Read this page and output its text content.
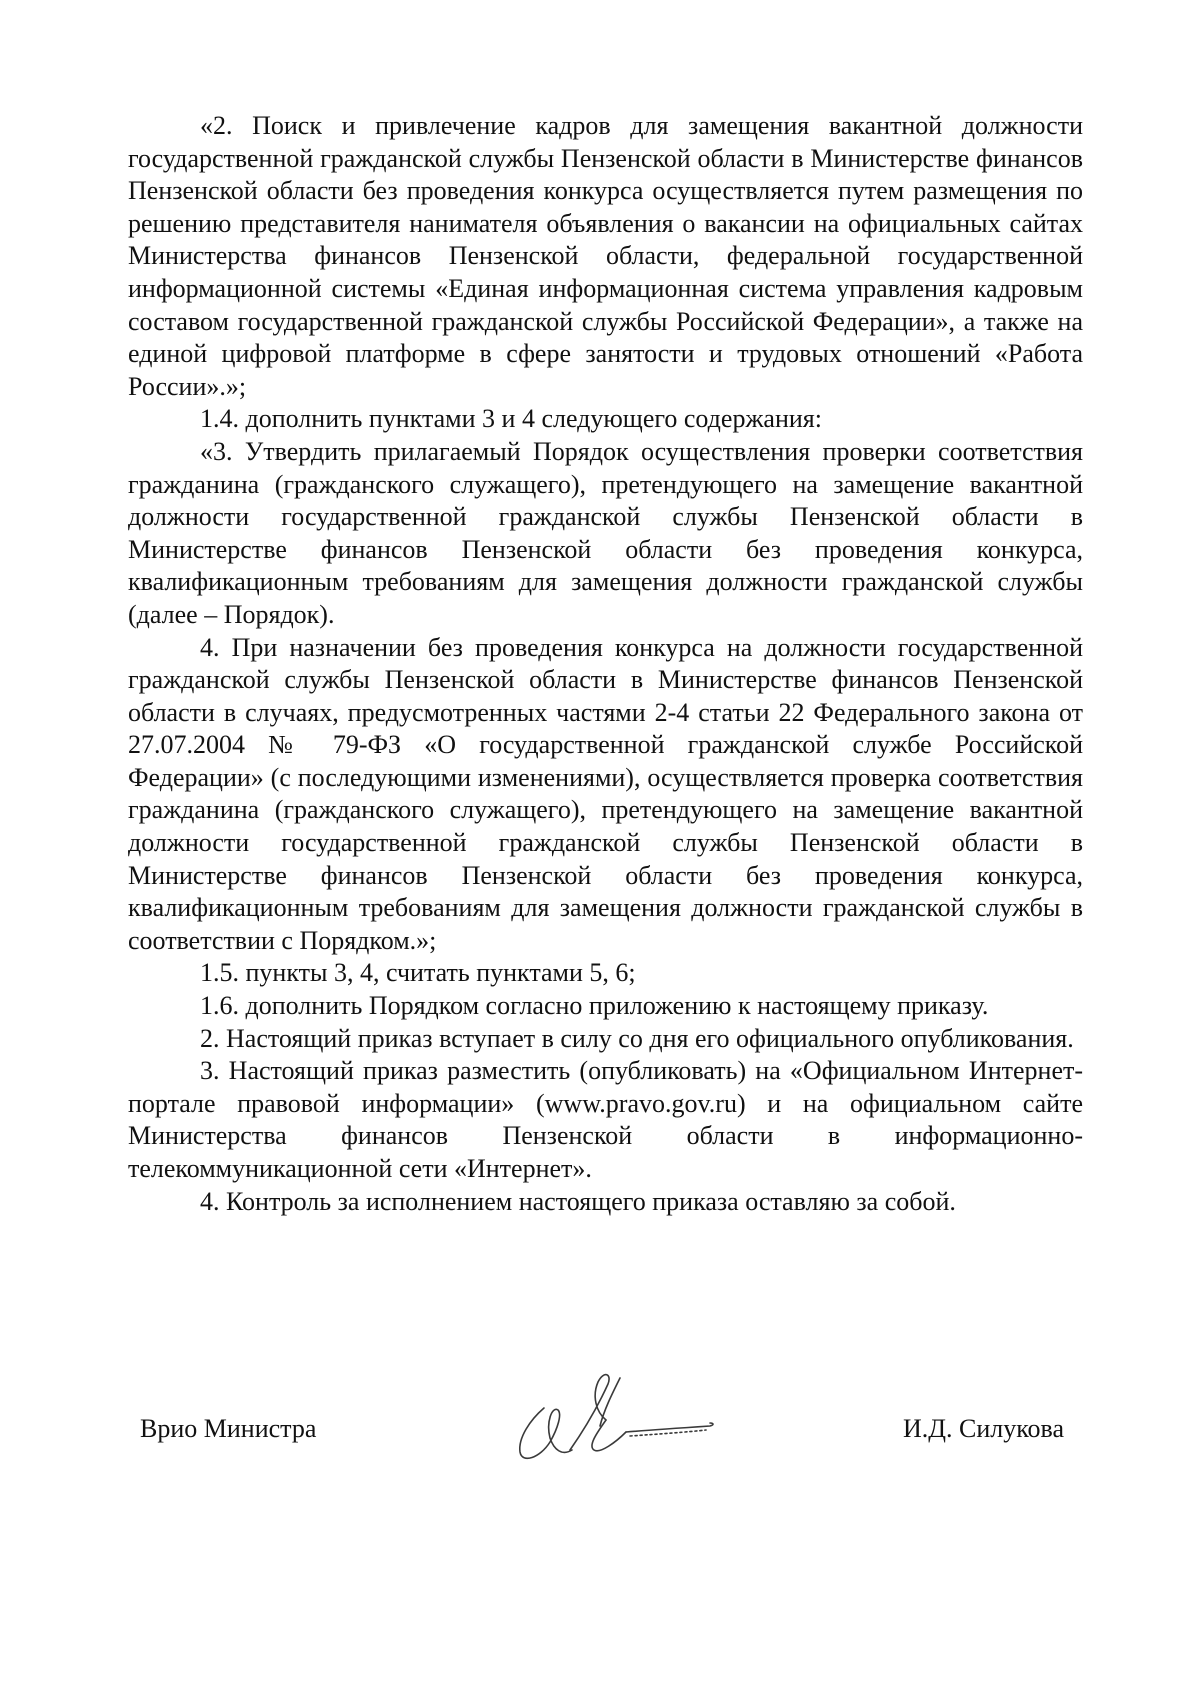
«2. Поиск и привлечение кадров для замещения вакантной должности государственной гражданской службы Пензенской области в Министерстве финансов Пензенской области без проведения конкурса осуществляется путем размещения по решению представителя нанимателя объявления о вакансии на официальных сайтах Министерства финансов Пензенской области, федеральной государственной информационной системы «Единая информационная система управления кадровым составом государственной гражданской службы Российской Федерации», а также на единой цифровой платформе в сфере занятости и трудовых отношений «Работа России».»;

1.4. дополнить пунктами 3 и 4 следующего содержания:

«3. Утвердить прилагаемый Порядок осуществления проверки соответствия гражданина (гражданского служащего), претендующего на замещение вакантной должности государственной гражданской службы Пензенской области в Министерстве финансов Пензенской области без проведения конкурса, квалификационным требованиям для замещения должности гражданской службы (далее – Порядок).

4. При назначении без проведения конкурса на должности государственной гражданской службы Пензенской области в Министерстве финансов Пензенской области в случаях, предусмотренных частями 2-4 статьи 22 Федерального закона от 27.07.2004 № 79-ФЗ «О государственной гражданской службе Российской Федерации» (с последующими изменениями), осуществляется проверка соответствия гражданина (гражданского служащего), претендующего на замещение вакантной должности государственной гражданской службы Пензенской области в Министерстве финансов Пензенской области без проведения конкурса, квалификационным требованиям для замещения должности гражданской службы в соответствии с Порядком.»;

1.5. пункты 3, 4, считать пунктами 5, 6;

1.6. дополнить Порядком согласно приложению к настоящему приказу.

2. Настоящий приказ вступает в силу со дня его официального опубликования.

3. Настоящий приказ разместить (опубликовать) на «Официальном Интернет-портале правовой информации» (www.pravo.gov.ru) и на официальном сайте Министерства финансов Пензенской области в информационно-телекоммуникационной сети «Интернет».

4. Контроль за исполнением настоящего приказа оставляю за собой.

Врио Министра	И.Д. Силукова
